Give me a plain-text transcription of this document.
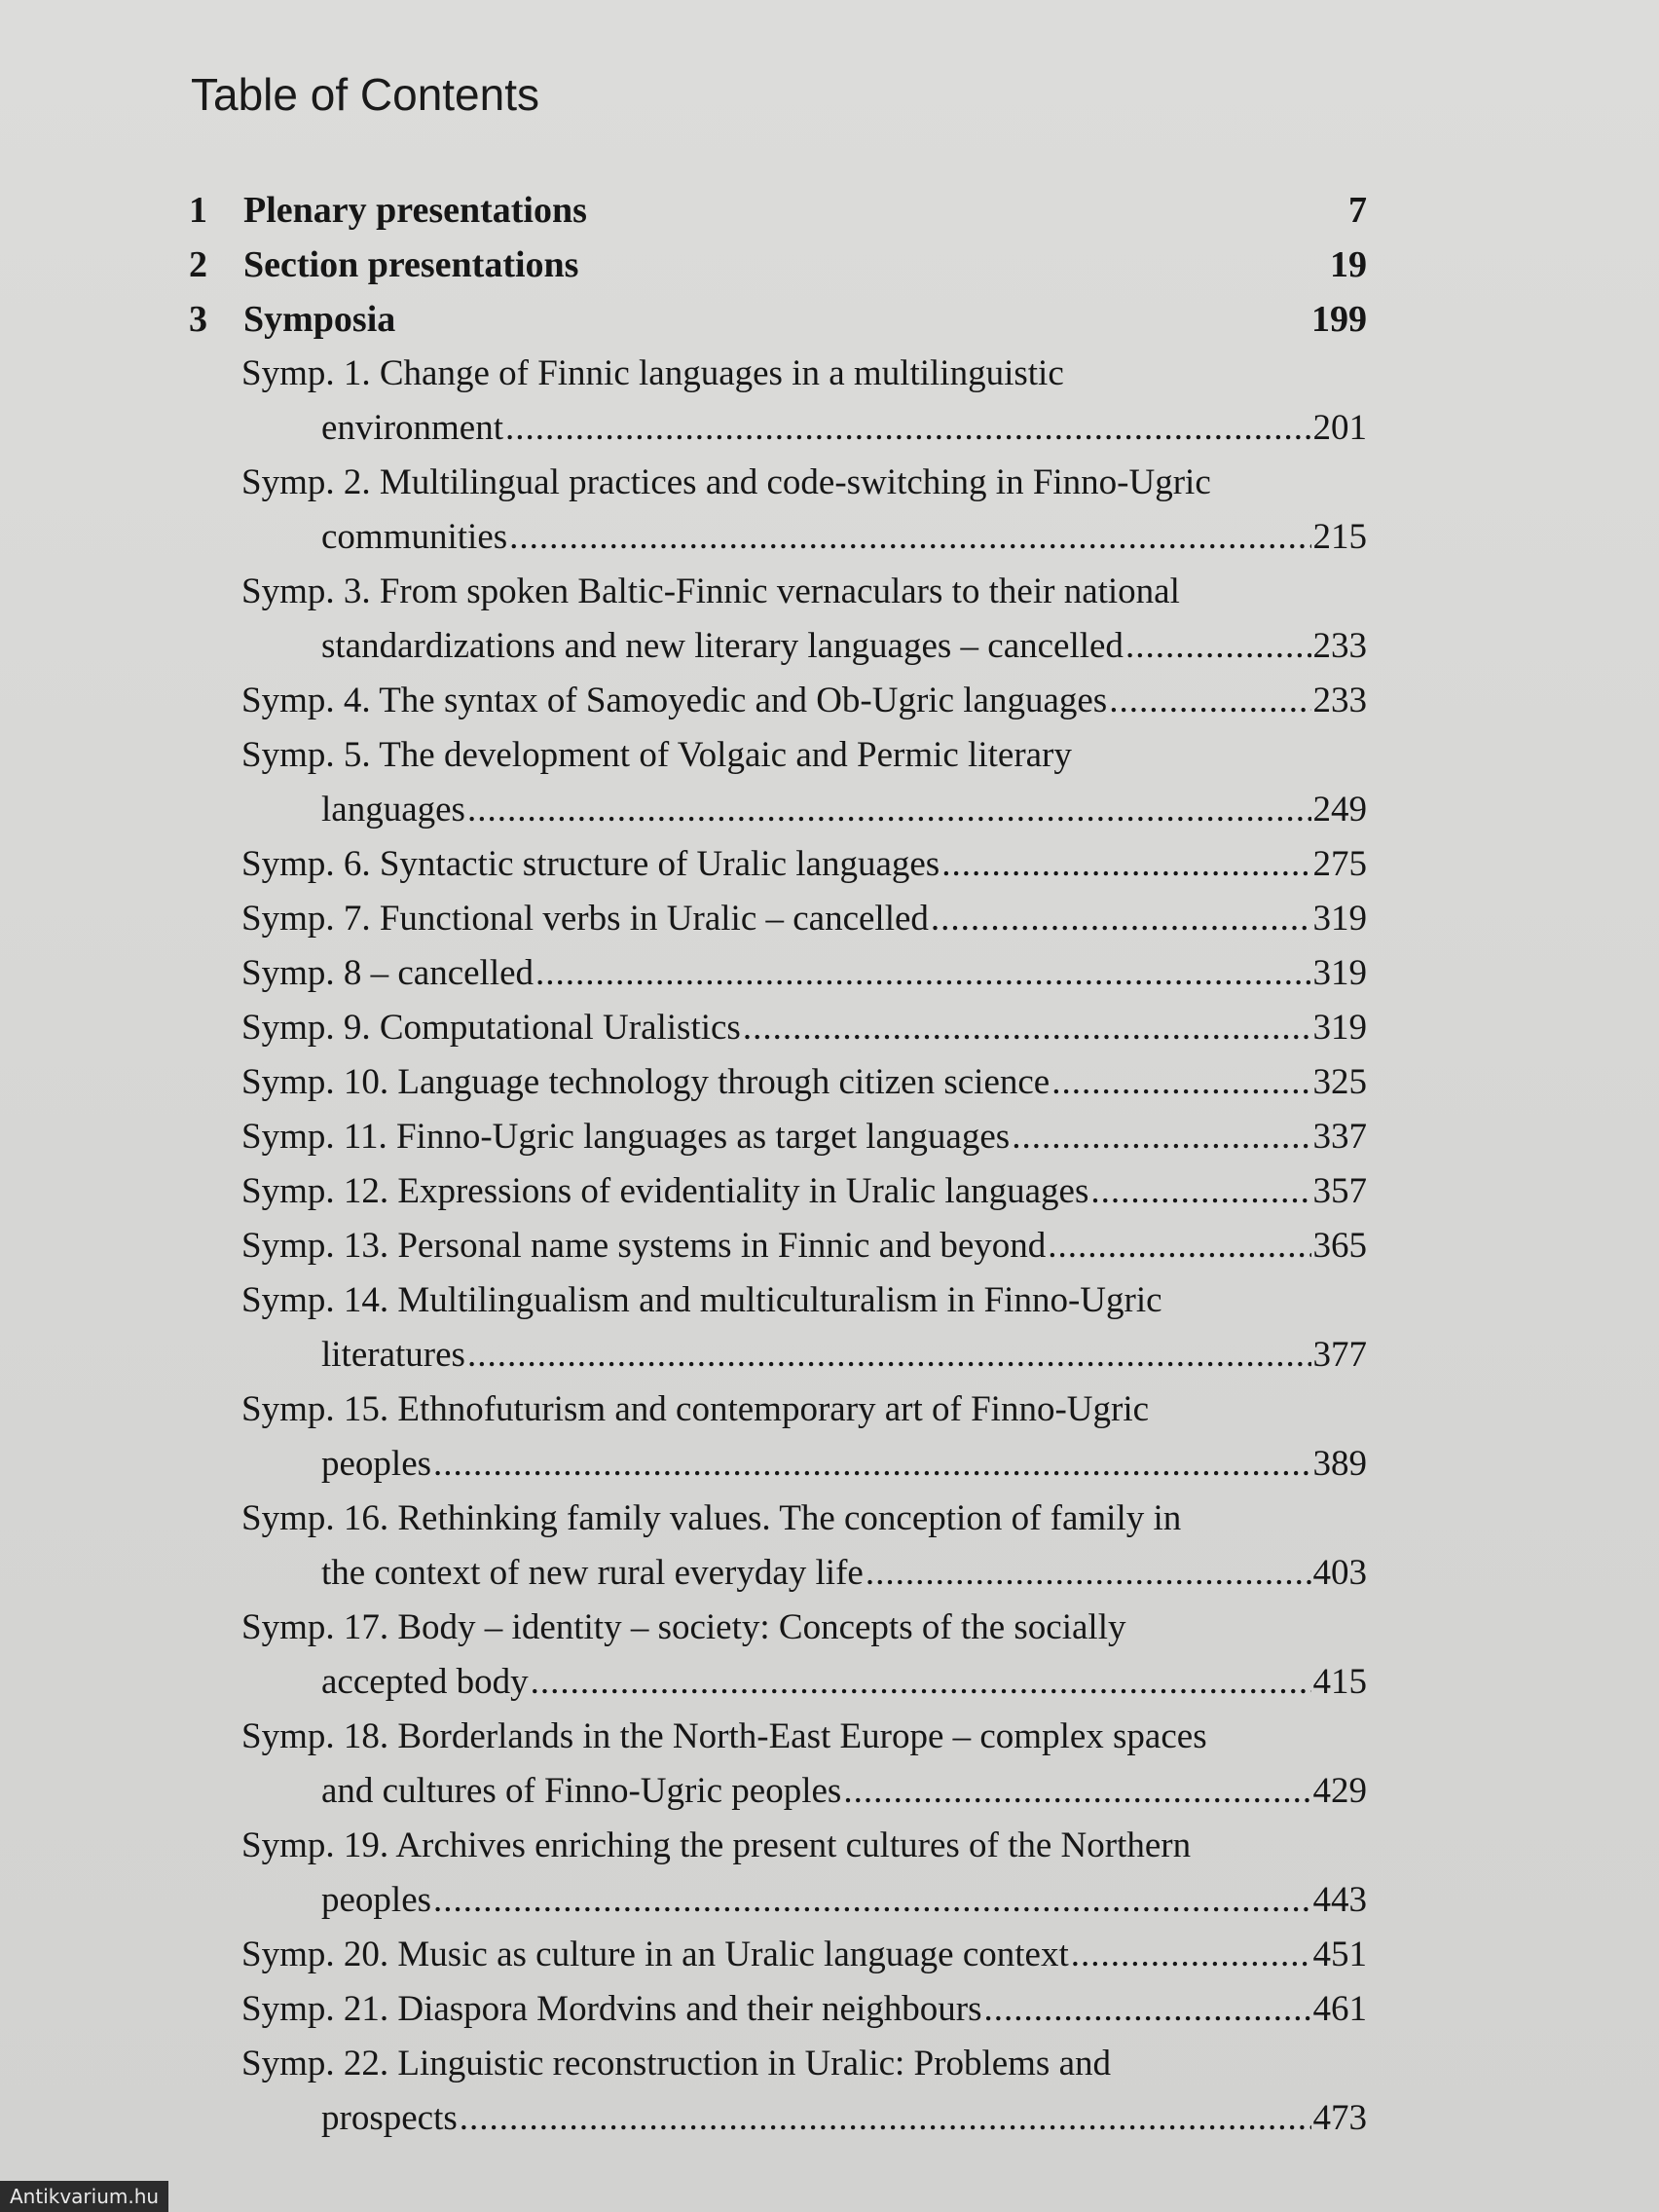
Table of Contents
1 Plenary presentations	7
2 Section presentations	19
3 Symposia	199
Symp. 1. Change of Finnic languages in a multilinguistic
environment .....	201
Symp. 2. Multilingual practices and code-switching in Finno-Ugric
communities .....	215
Symp. 3. From spoken Baltic-Finnic vernaculars to their national
standardizations and new literary languages – cancelled .....	233
Symp. 4. The syntax of Samoyedic and Ob-Ugric languages .....	233
Symp. 5. The development of Volgaic and Permic literary
languages .....	249
Symp. 6. Syntactic structure of Uralic languages .....	275
Symp. 7. Functional verbs in Uralic – cancelled .....	319
Symp. 8 – cancelled .....	319
Symp. 9. Computational Uralistics .....	319
Symp. 10. Language technology through citizen science .....	325
Symp. 11. Finno-Ugric languages as target languages .....	337
Symp. 12. Expressions of evidentiality in Uralic languages .....	357
Symp. 13. Personal name systems in Finnic and beyond .....	365
Symp. 14. Multilingualism and multiculturalism in Finno-Ugric
literatures .....	377
Symp. 15. Ethnofuturism and contemporary art of Finno-Ugric
peoples .....	389
Symp. 16. Rethinking family values. The conception of family in
the context of new rural everyday life .....	403
Symp. 17. Body – identity – society: Concepts of the socially
accepted body .....	415
Symp. 18. Borderlands in the North-East Europe – complex spaces
and cultures of Finno-Ugric peoples .....	429
Symp. 19. Archives enriching the present cultures of the Northern
peoples .....	443
Symp. 20. Music as culture in an Uralic language context .....	451
Symp. 21. Diaspora Mordvins and their neighbours .....	461
Symp. 22. Linguistic reconstruction in Uralic: Problems and
prospects .....	473
Antikvarium.hu
